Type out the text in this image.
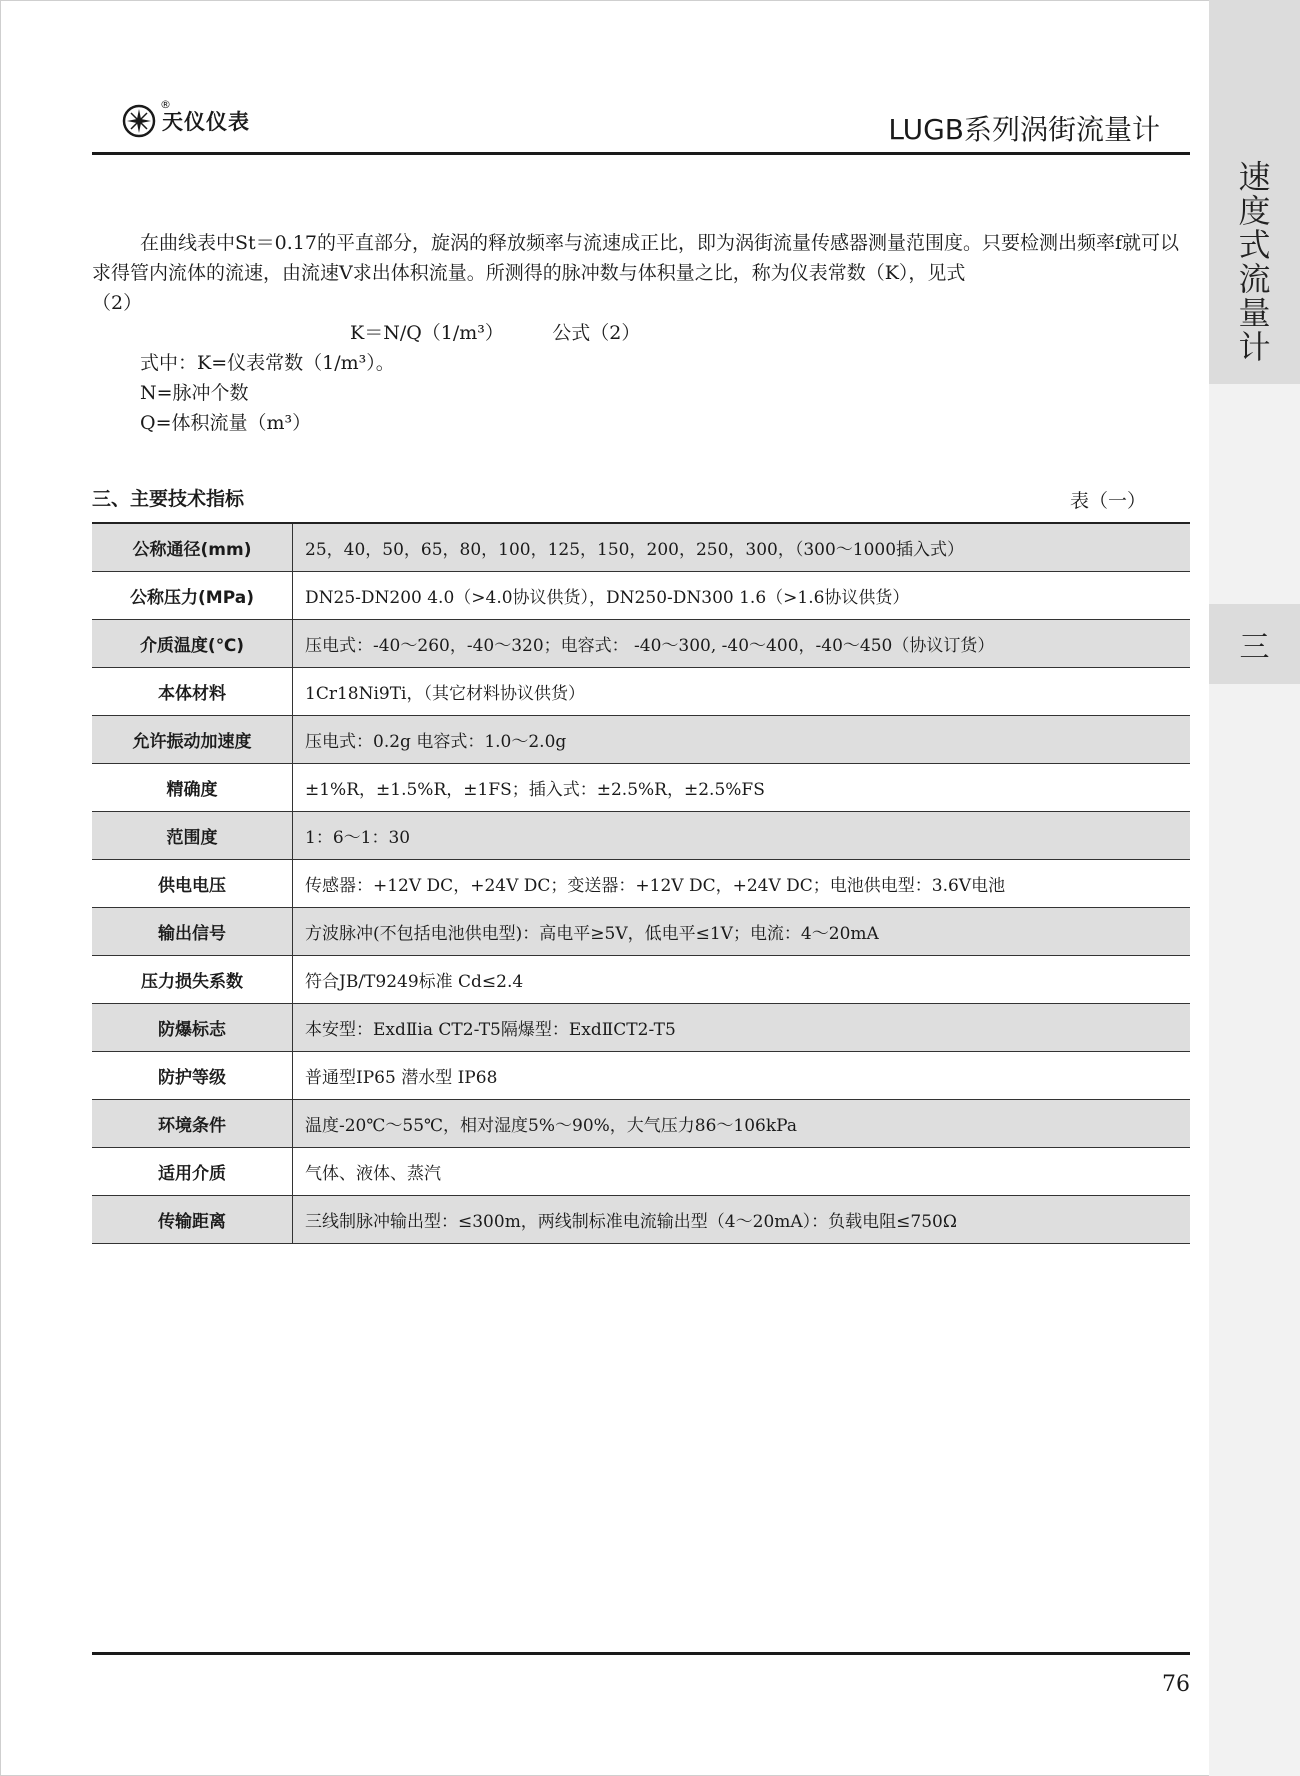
速
度
式
流
量
计
三
®
天仪仪表	LUGB系列涡街流量计

在曲线表中St＝0.17的平直部分，旋涡的释放频率与流速成正比，即为涡街流量传感器测量范围度。只要检测出频率f就可以求得管内流体的流速，由流速V求出体积流量。所测得的脉冲数与体积量之比，称为仪表常数（K），见式

（2）

K＝N/Q（1/m³）        公式（2）

式中：K=仪表常数（1/m³）。

N=脉冲个数

Q=体积流量（m³）

三、主要技术指标	表（一）
公称通径(mm)	25，40，50，65，80，100，125，150，200，250，300，（300～1000插入式）
公称压力(MPa)	DN25-DN200 4.0（>4.0协议供货），DN250-DN300 1.6（>1.6协议供货）
介质温度(℃)	压电式：-40～260，-40～320；电容式： -40～300, -40～400，-40～450（协议订货）
本体材料	1Cr18Ni9Ti，（其它材料协议供货）
允许振动加速度	压电式：0.2g 电容式：1.0～2.0g
精确度	±1%R，±1.5%R，±1FS；插入式：±2.5%R，±2.5%FS
范围度	1：6～1：30
供电电压	传感器：+12V DC，+24V DC；变送器：+12V DC，+24V DC；电池供电型：3.6V电池
输出信号	方波脉冲(不包括电池供电型)：高电平≥5V，低电平≤1V；电流：4～20mA
压力损失系数	符合JB/T9249标准 Cd≤2.4
防爆标志	本安型：ExdⅡia CT2-T5隔爆型：ExdⅡCT2-T5
防护等级	普通型IP65 潜水型 IP68
环境条件	温度-20℃～55℃，相对湿度5%～90%，大气压力86～106kPa
适用介质	气体、液体、蒸汽
传输距离	三线制脉冲输出型：≤300m，两线制标准电流输出型（4～20mA）：负载电阻≤750Ω
76
